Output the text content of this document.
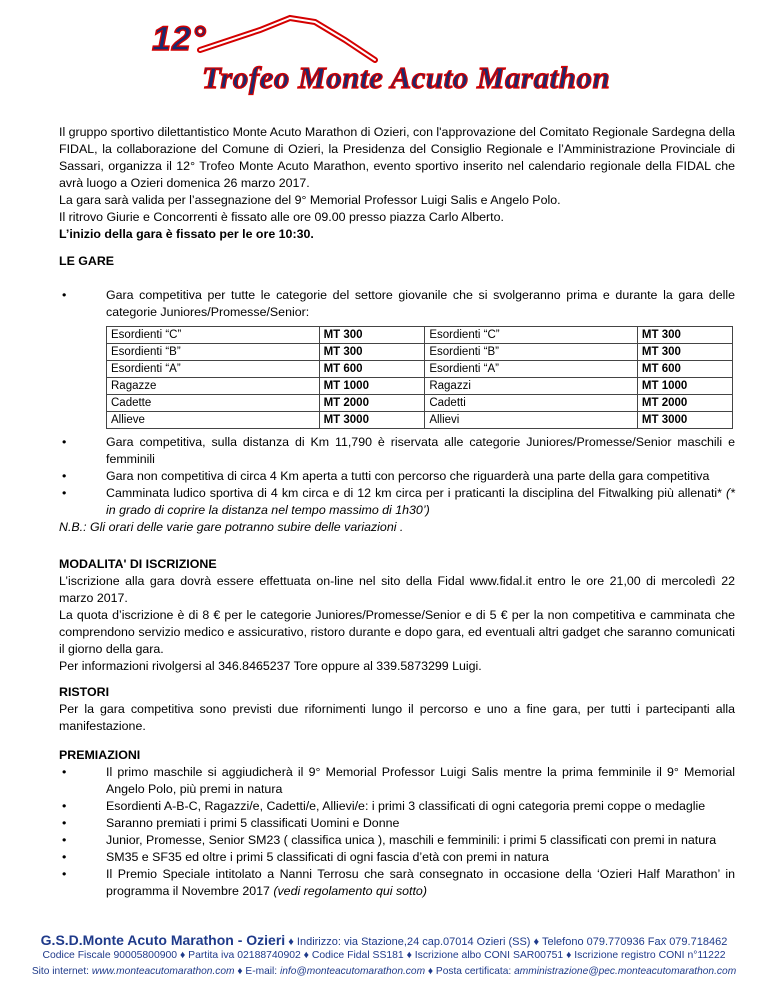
12°
Trofeo Monte Acuto Marathon

Il gruppo sportivo dilettantistico Monte Acuto Marathon di Ozieri, con l'approvazione del Comitato Regionale Sardegna della FIDAL, la collaborazione del Comune di Ozieri, la Presidenza del Consiglio Regionale e l’Amministrazione Provinciale di Sassari, organizza il 12° Trofeo Monte Acuto Marathon, evento sportivo inserito nel calendario regionale della FIDAL che avrà luogo a Ozieri domenica 26 marzo 2017.

La gara sarà valida per l’assegnazione del 9° Memorial Professor Luigi Salis e Angelo Polo.

Il ritrovo Giurie e Concorrenti è fissato alle ore 09.00 presso piazza Carlo Alberto.

L’inizio della gara è fissato per le ore 10:30.

LE GARE

•	Gara competitiva per tutte le categorie del settore giovanile che si svolgeranno prima e durante la gara delle categorie Juniores/Promesse/Senior:
Esordienti “C”	MT 300	Esordienti “C”	MT 300
Esordienti “B”	MT 300	Esordienti “B”	MT 300
Esordienti “A”	MT 600	Esordienti “A”	MT 600
Ragazze	MT 1000	Ragazzi	MT 1000
Cadette	MT 2000	Cadetti	MT 2000
Allieve	MT 3000	Allievi	MT 3000
•	Gara competitiva, sulla distanza di Km 11,790 è riservata alle categorie Juniores/Promesse/Senior maschili e femminili
•	Gara non competitiva di circa 4 Km aperta a tutti con percorso che riguarderà una parte della gara competitiva
•	Camminata ludico sportiva di 4 km circa e di 12 km circa per i praticanti la disciplina del Fitwalking più allenati* (* in grado di coprire la distanza nel tempo massimo di 1h30’)

N.B.: Gli orari delle varie gare potranno subire delle variazioni .

MODALITA' DI ISCRIZIONE

L’iscrizione alla gara dovrà essere effettuata on-line nel sito della Fidal www.fidal.it entro le ore 21,00 di mercoledì 22 marzo 2017.

La quota d’iscrizione è di 8 € per le categorie Juniores/Promesse/Senior e di 5 € per la non competitiva e camminata che comprendono servizio medico e assicurativo, ristoro durante e dopo gara, ed eventuali altri gadget che saranno comunicati il giorno della gara.

Per informazioni rivolgersi al 346.8465237 Tore oppure al 339.5873299 Luigi.

RISTORI

Per la gara competitiva sono previsti due rifornimenti lungo il percorso e uno a fine gara, per tutti i partecipanti alla manifestazione.

PREMIAZIONI

•	Il primo maschile si aggiudicherà il 9° Memorial Professor Luigi Salis mentre la prima femminile il 9° Memorial Angelo Polo, più premi in natura
•	Esordienti A-B-C, Ragazzi/e, Cadetti/e, Allievi/e: i primi 3 classificati di ogni categoria premi coppe o medaglie
•	Saranno premiati i primi 5 classificati Uomini e Donne
•	Junior, Promesse, Senior SM23 ( classifica unica ), maschili e femminili: i primi 5 classificati con premi in natura
•	SM35 e SF35 ed oltre i primi 5 classificati di ogni fascia d’età con premi in natura
•	Il Premio Speciale intitolato a Nanni Terrosu che sarà consegnato in occasione della ‘Ozieri Half Marathon’ in programma il Novembre 2017 (vedi regolamento qui sotto)
G.S.D.Monte Acuto Marathon - Ozieri ♦ Indirizzo: via Stazione,24 cap.07014 Ozieri (SS) ♦ Telefono 079.770936 Fax 079.718462
Codice Fiscale 90005800900 ♦ Partita iva 02188740902 ♦ Codice Fidal SS181 ♦ Iscrizione albo CONI SAR00751 ♦ Iscrizione registro CONI n°11222
Sito internet: www.monteacutomarathon.com ♦ E-mail: info@monteacutomarathon.com ♦ Posta certificata: amministrazione@pec.monteacutomarathon.com
